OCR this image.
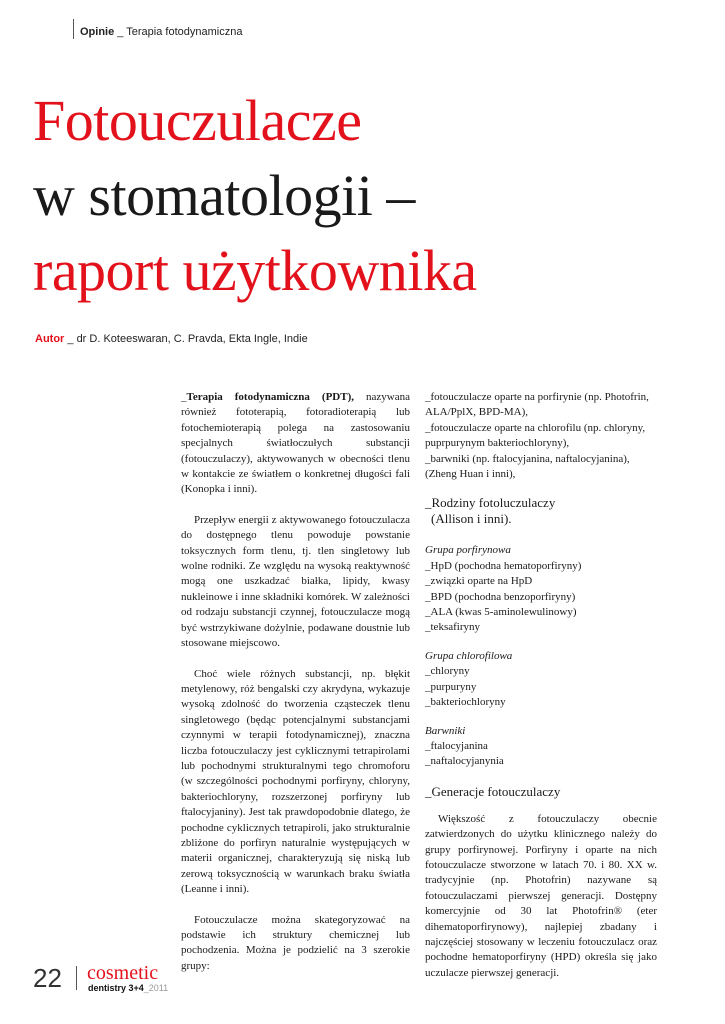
Opinie _ Terapia fotodynamiczna
Fotouczulacze
w stomatologii –
raport użytkownika
Autor _ dr D. Koteeswaran, C. Pravda, Ekta Ingle, Indie

_Terapia fotodynamiczna (PDT), nazywana również fototerapią, fotoradioterapią lub fotochemioterapią polega na zastosowaniu specjalnych światłoczułych substancji (fotouczulaczy), aktywowanych w obecności tlenu w kontakcie ze światłem o konkretnej długości fali (Konopka i inni).

Przepływ energii z aktywowanego fotouczulacza do dostępnego tlenu powoduje powstanie toksycznych form tlenu, tj. tlen singletowy lub wolne rodniki. Ze względu na wysoką reaktywność mogą one uszkadzać białka, lipidy, kwasy nukleinowe i inne składniki komórek. W zależności od rodzaju substancji czynnej, fotouczulacze mogą być wstrzykiwane dożylnie, podawane doustnie lub stosowane miejscowo.

Choć wiele różnych substancji, np. błękit metylenowy, róż bengalski czy akrydyna, wykazuje wysoką zdolność do tworzenia cząsteczek tlenu singletowego (będąc potencjalnymi substancjami czynnymi w terapii fotodynamicznej), znaczna liczba fotouczulaczy jest cyklicznymi tetrapirolami lub pochodnymi strukturalnymi tego chromoforu (w szczególności pochodnymi porfiryny, chloryny, bakteriochloryny, rozszerzonej porfiryny lub ftalocyjaniny). Jest tak prawdopodobnie dlatego, że pochodne cyklicznych tetrapiroli, jako strukturalnie zbliżone do porfiryn naturalnie występujących w materii organicznej, charakteryzują się niską lub zerową toksycznością w warunkach braku światła (Leanne i inni).

Fotouczulacze można skategoryzować na podstawie ich struktury chemicznej lub pochodzenia. Można je podzielić na 3 szerokie grupy:

_fotouczulacze oparte na porfirynie (np. Photofrin, ALA/PplX, BPD-MA),
_fotouczulacze oparte na chlorofilu (np. chloryny, puprpurynym bakteriochloryny),
_barwniki (np. ftalocyjanina, naftalocyjanina), (Zheng Huan i inni),
_Rodziny fotoluczulaczy
(Allison i inni).
Grupa porfirynowa
_HpD (pochodna hematoporfiryny)
_związki oparte na HpD
_BPD (pochodna benzoporfiryny)
_ALA (kwas 5-aminolewulinowy)
_teksafiryny
Grupa chlorofilowa
_chloryny
_purpuryny
_bakteriochloryny
Barwniki
_ftalocyjanina
_naftalocyjanynia
_Generacje fotouczulaczy

Większość z fotouczulaczy obecnie zatwierdzonych do użytku klinicznego należy do grupy porfirynowej. Porfiryny i oparte na nich fotouczulacze stworzone w latach 70. i 80. XX w. tradycyjnie (np. Photofrin) nazywane są fotouczulaczami pierwszej generacji. Dostępny komercyjnie od 30 lat Photofrin® (eter dihematoporfirynowy), najlepiej zbadany i najczęściej stosowany w leczeniu fotouczulacz oraz pochodne hematoporfiryny (HPD) określa się jako uczulacze pierwszej generacji.

22 cosmetic
dentistry 3+4_2011
